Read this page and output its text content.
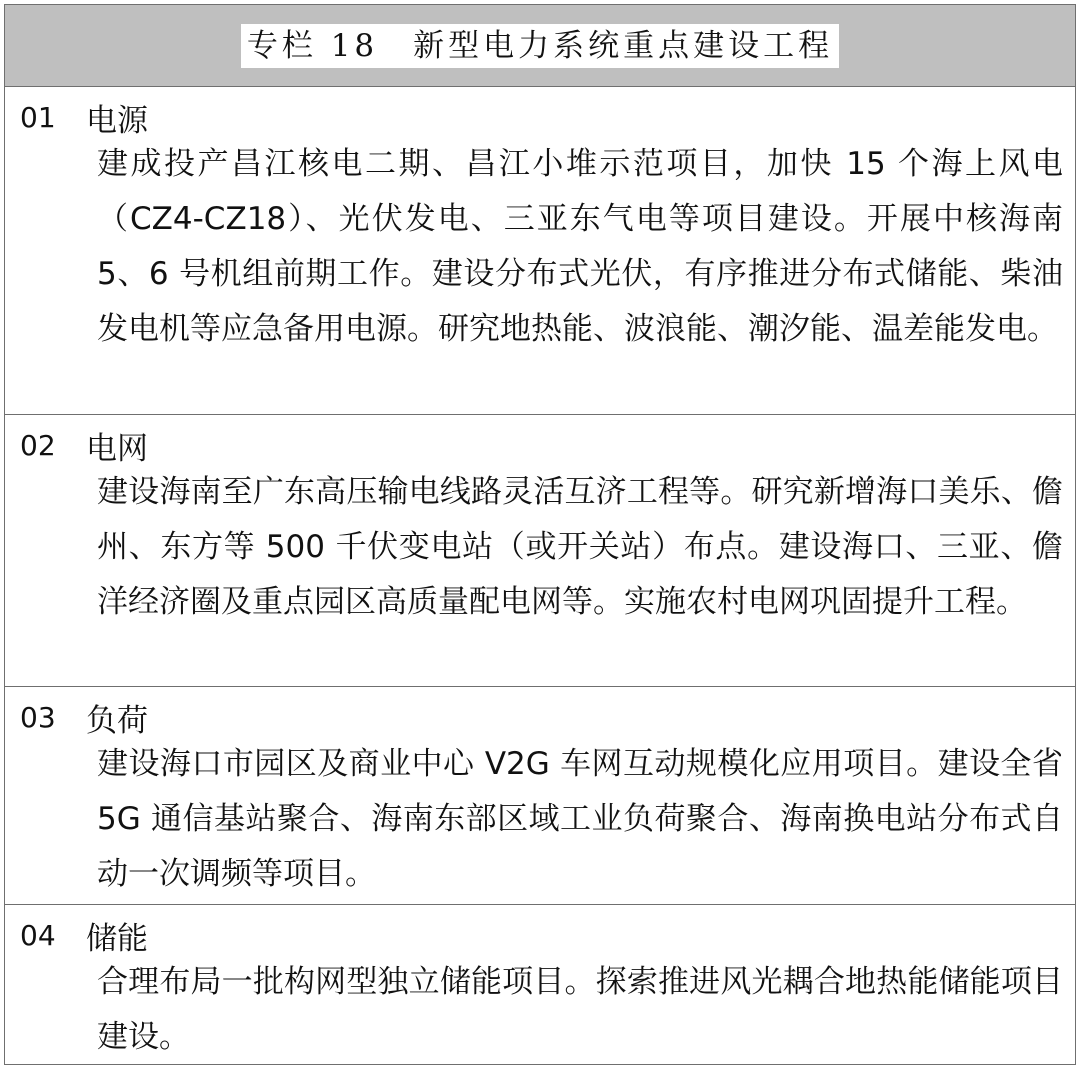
专栏 18　新型电力系统重点建设工程
01 电源
建成投产昌江核电二期、昌江小堆示范项目，加快 15 个海上风电（CZ4-CZ18）、光伏发电、三亚东气电等项目建设。开展中核海南 5、6 号机组前期工作。建设分布式光伏，有序推进分布式储能、柴油发电机等应急备用电源。研究地热能、波浪能、潮汐能、温差能发电。
02 电网
建设海南至广东高压输电线路灵活互济工程等。研究新增海口美乐、儋州、东方等 500 千伏变电站（或开关站）布点。建设海口、三亚、儋洋经济圈及重点园区高质量配电网等。实施农村电网巩固提升工程。
03 负荷
建设海口市园区及商业中心 V2G 车网互动规模化应用项目。建设全省 5G 通信基站聚合、海南东部区域工业负荷聚合、海南换电站分布式自动一次调频等项目。
04 储能
合理布局一批构网型独立储能项目。探索推进风光耦合地热能储能项目建设。
